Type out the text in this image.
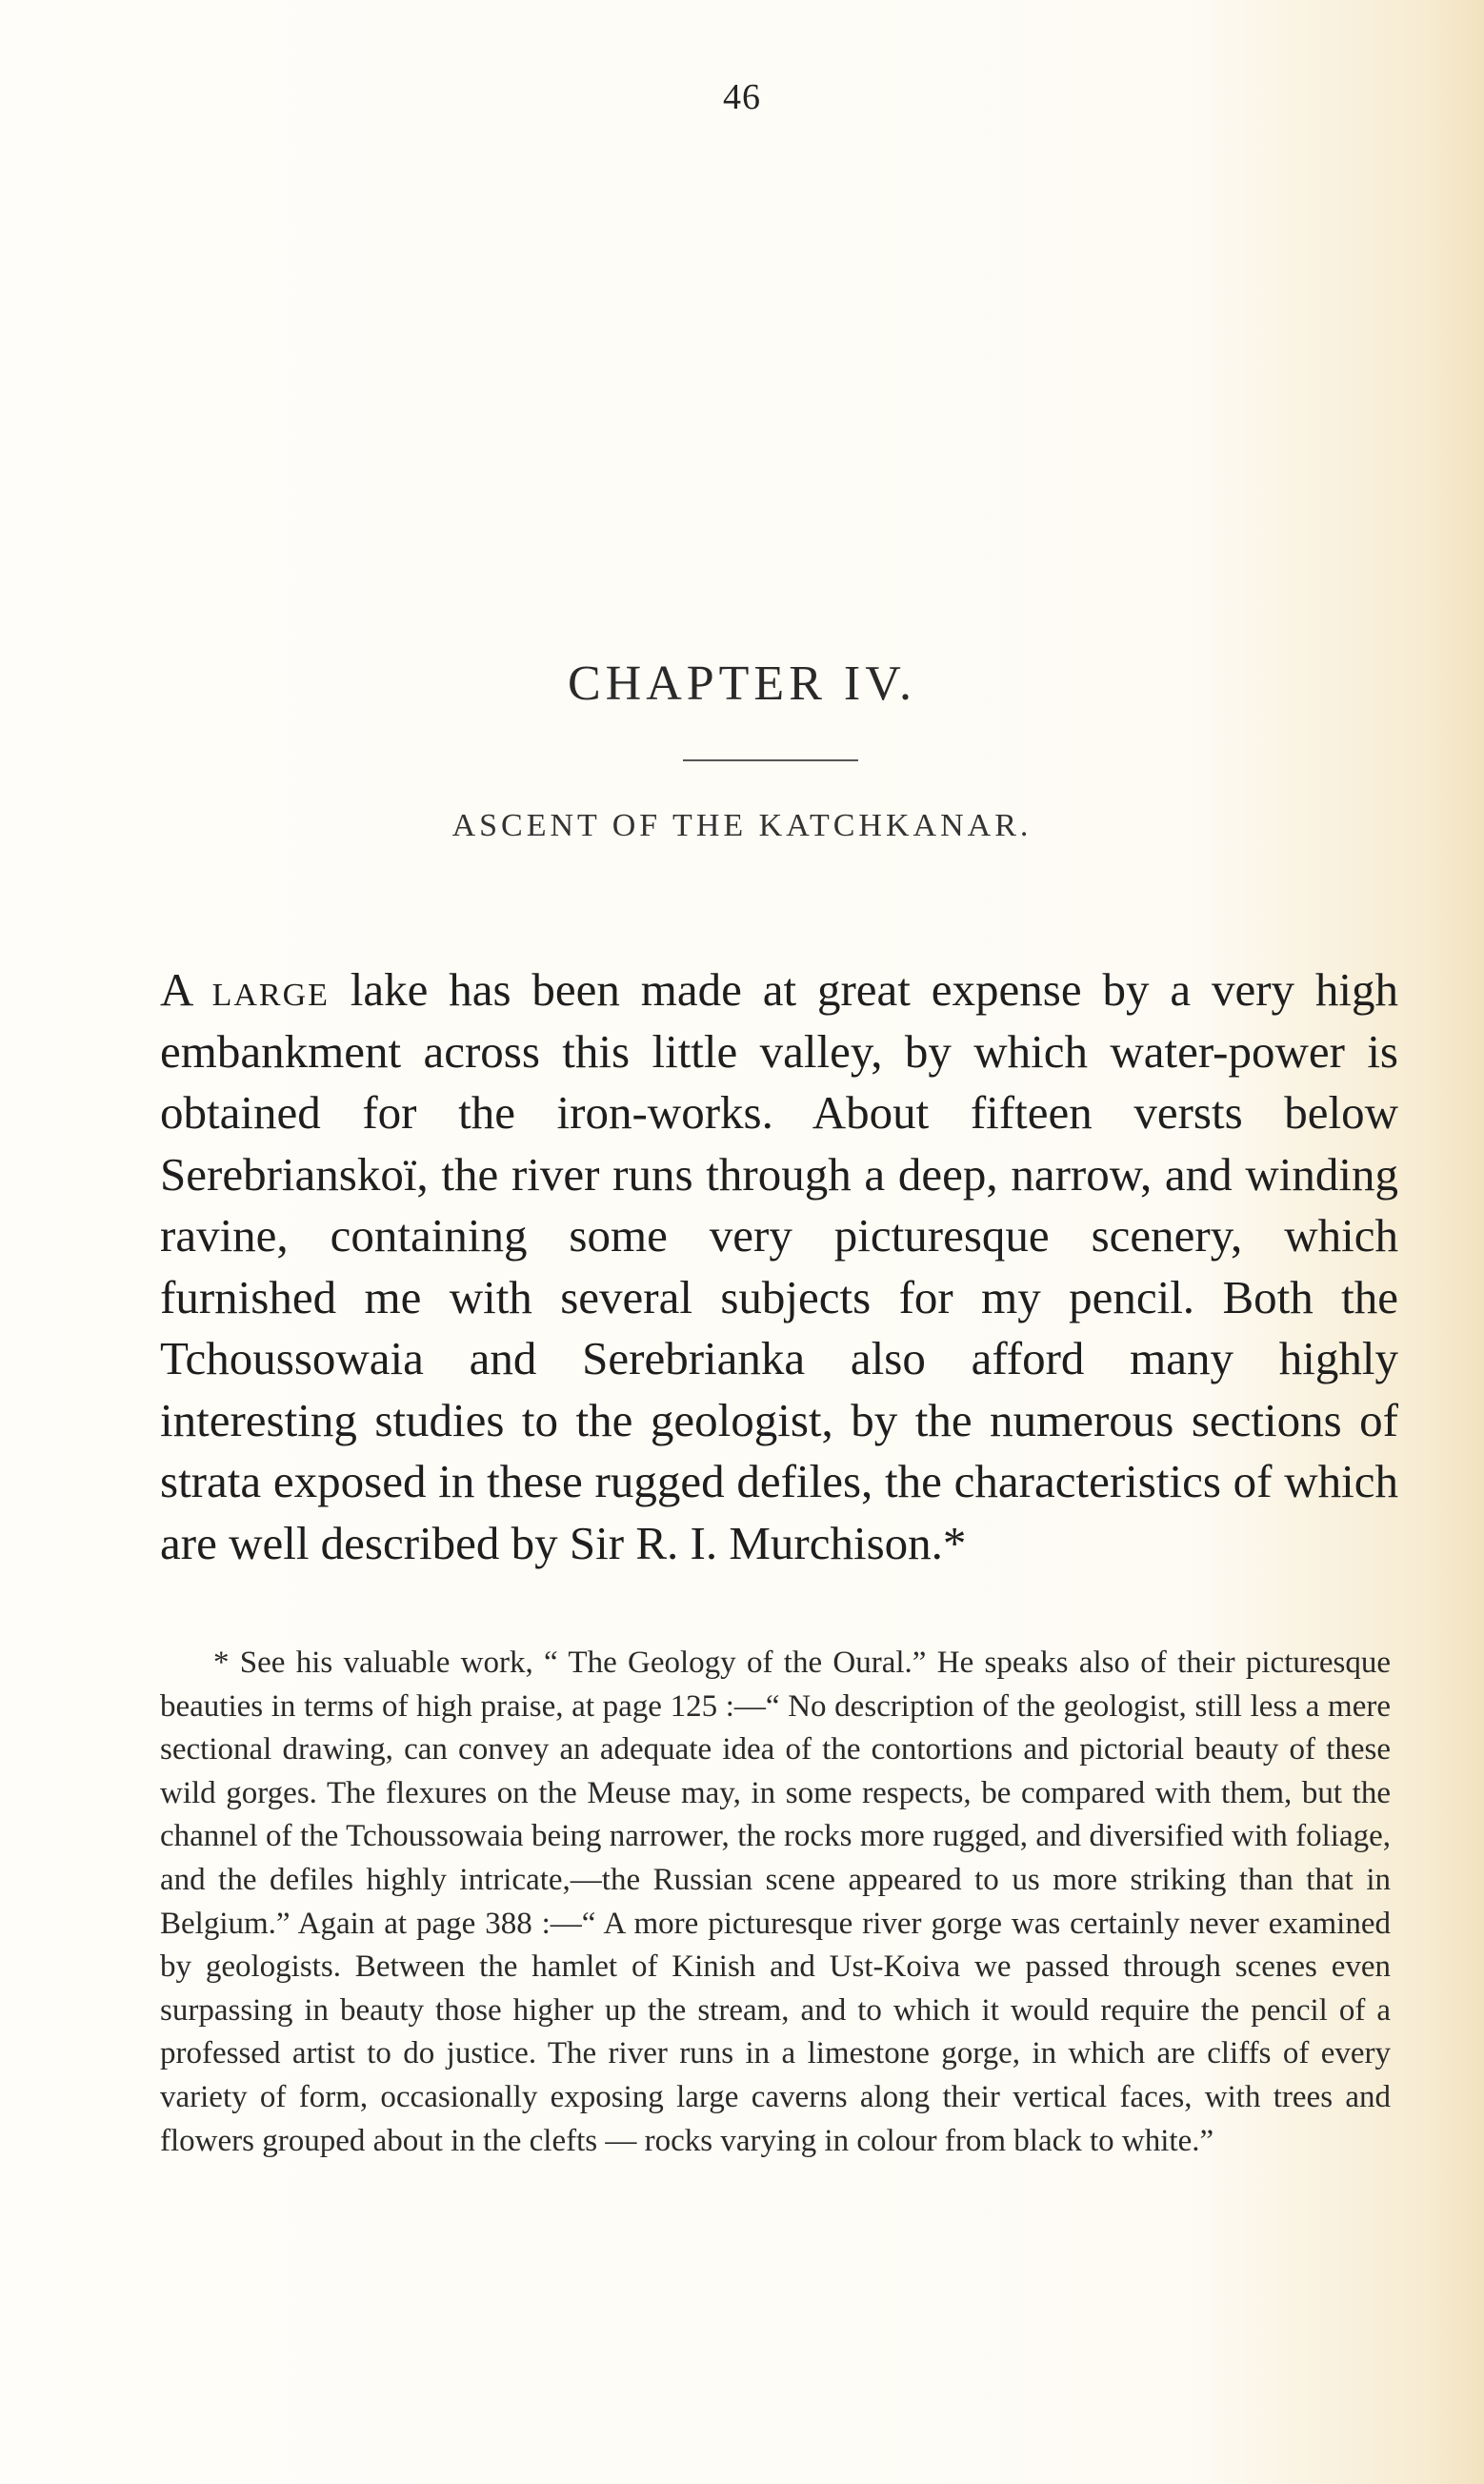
46
CHAPTER IV.
ASCENT OF THE KATCHKANAR.

A large lake has been made at great expense by a very high embankment across this little valley, by which water-power is obtained for the iron-works. About fifteen versts below Serebrianskoï, the river runs through a deep, narrow, and winding ravine, containing some very picturesque scenery, which furnished me with several subjects for my pencil. Both the Tchoussowaia and Serebrianka also afford many highly interesting studies to the geologist, by the numerous sections of strata exposed in these rugged defiles, the characteristics of which are well described by Sir R. I. Murchison.*

* See his valuable work, “ The Geology of the Oural.” He speaks also of their picturesque beauties in terms of high praise, at page 125 :—“ No description of the geologist, still less a mere sectional drawing, can convey an adequate idea of the contortions and pictorial beauty of these wild gorges. The flexures on the Meuse may, in some respects, be compared with them, but the channel of the Tchoussowaia being narrower, the rocks more rugged, and diversified with foliage, and the defiles highly intricate,—the Russian scene appeared to us more striking than that in Belgium.” Again at page 388 :—“ A more picturesque river gorge was certainly never examined by geologists. Between the hamlet of Kinish and Ust-Koiva we passed through scenes even surpassing in beauty those higher up the stream, and to which it would require the pencil of a professed artist to do justice. The river runs in a limestone gorge, in which are cliffs of every variety of form, occasionally exposing large caverns along their vertical faces, with trees and flowers grouped about in the clefts — rocks varying in colour from black to white.”
